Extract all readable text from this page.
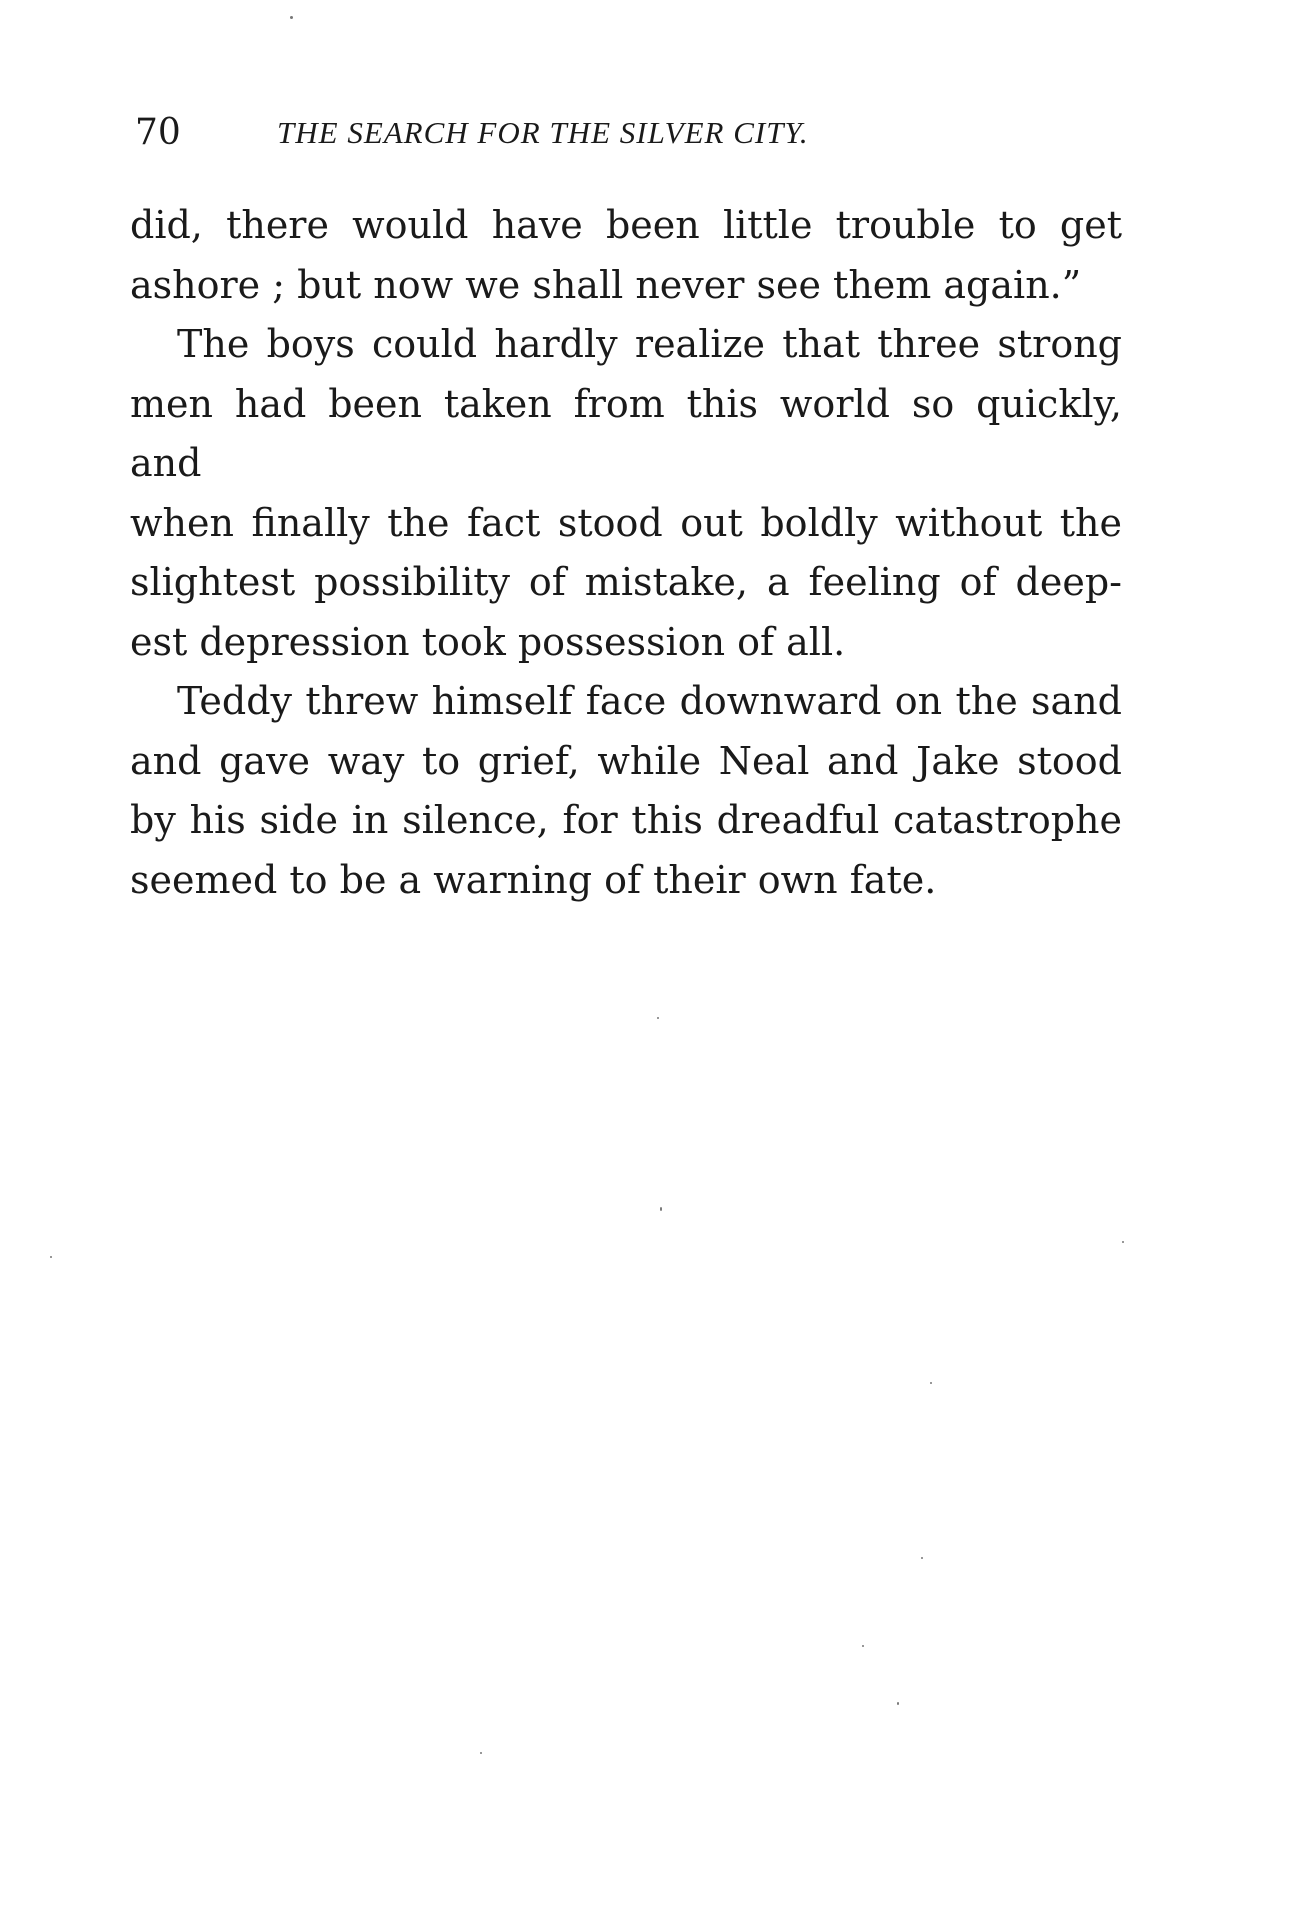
70	THE SEARCH FOR THE SILVER CITY.
did, there would have been little trouble to get
ashore ; but now we shall never see them again.”
The boys could hardly realize that three strong
men had been taken from this world so quickly, and
when finally the fact stood out boldly without the
slightest possibility of mistake, a feeling of deep-
est depression took possession of all.
Teddy threw himself face downward on the sand
and gave way to grief, while Neal and Jake stood
by his side in silence, for this dreadful catastrophe
seemed to be a warning of their own fate.
